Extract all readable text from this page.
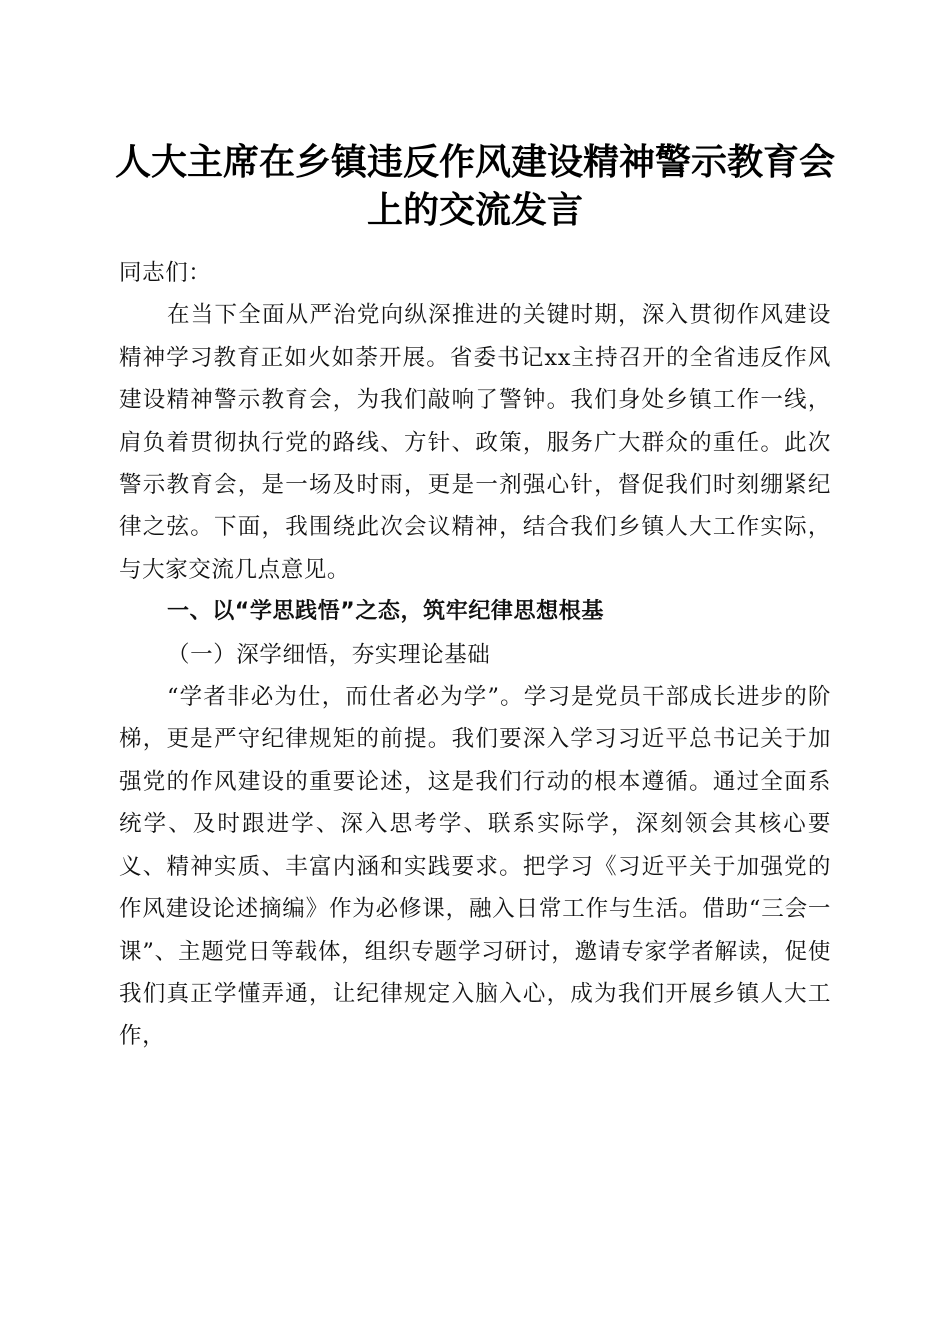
人大主席在乡镇违反作风建设精神警示教育会
上的交流发言

同志们：

在当下全面从严治党向纵深推进的关键时期，深入贯彻作风建设精神学习教育正如火如荼开展。省委书记xx主持召开的全省违反作风建设精神警示教育会，为我们敲响了警钟。我们身处乡镇工作一线，肩负着贯彻执行党的路线、方针、政策，服务广大群众的重任。此次警示教育会，是一场及时雨，更是一剂强心针，督促我们时刻绷紧纪律之弦。下面，我围绕此次会议精神，结合我们乡镇人大工作实际，与大家交流几点意见。

一、以“学思践悟”之态，筑牢纪律思想根基

（一）深学细悟，夯实理论基础

“学者非必为仕，而仕者必为学”。学习是党员干部成长进步的阶梯，更是严守纪律规矩的前提。我们要深入学习习近平总书记关于加强党的作风建设的重要论述，这是我们行动的根本遵循。通过全面系统学、及时跟进学、深入思考学、联系实际学，深刻领会其核心要义、精神实质、丰富内涵和实践要求。把学习《习近平关于加强党的作风建设论述摘编》作为必修课，融入日常工作与生活。借助“三会一课”、主题党日等载体，组织专题学习研讨，邀请专家学者解读，促使我们真正学懂弄通，让纪律规定入脑入心，成为我们开展乡镇人大工作，
